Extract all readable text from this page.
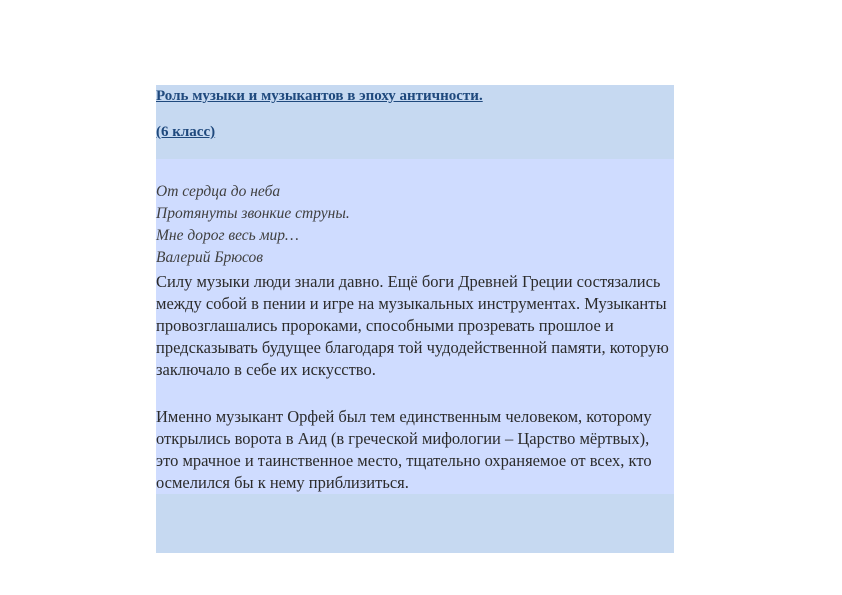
Роль музыки и музыкантов в эпоху античности.

(6 класс)

От сердца до неба
Протянуты звонкие струны.
Мне дорог весь мир…
Валерий Брюсов

Силу музыки люди знали давно. Ещё боги Древней Греции состязались между собой в пении и игре на музыкальных инструментах. Музыканты провозглашались пророками, способными прозревать прошлое и предсказывать будущее благодаря той чудодейственной памяти, которую заключало в себе их искусство.

Именно музыкант Орфей был тем единственным человеком, которому открылись ворота в Аид (в греческой мифологии – Царство мёртвых), это мрачное и таинственное место, тщательно охраняемое от всех, кто осмелился бы к нему приблизиться.
